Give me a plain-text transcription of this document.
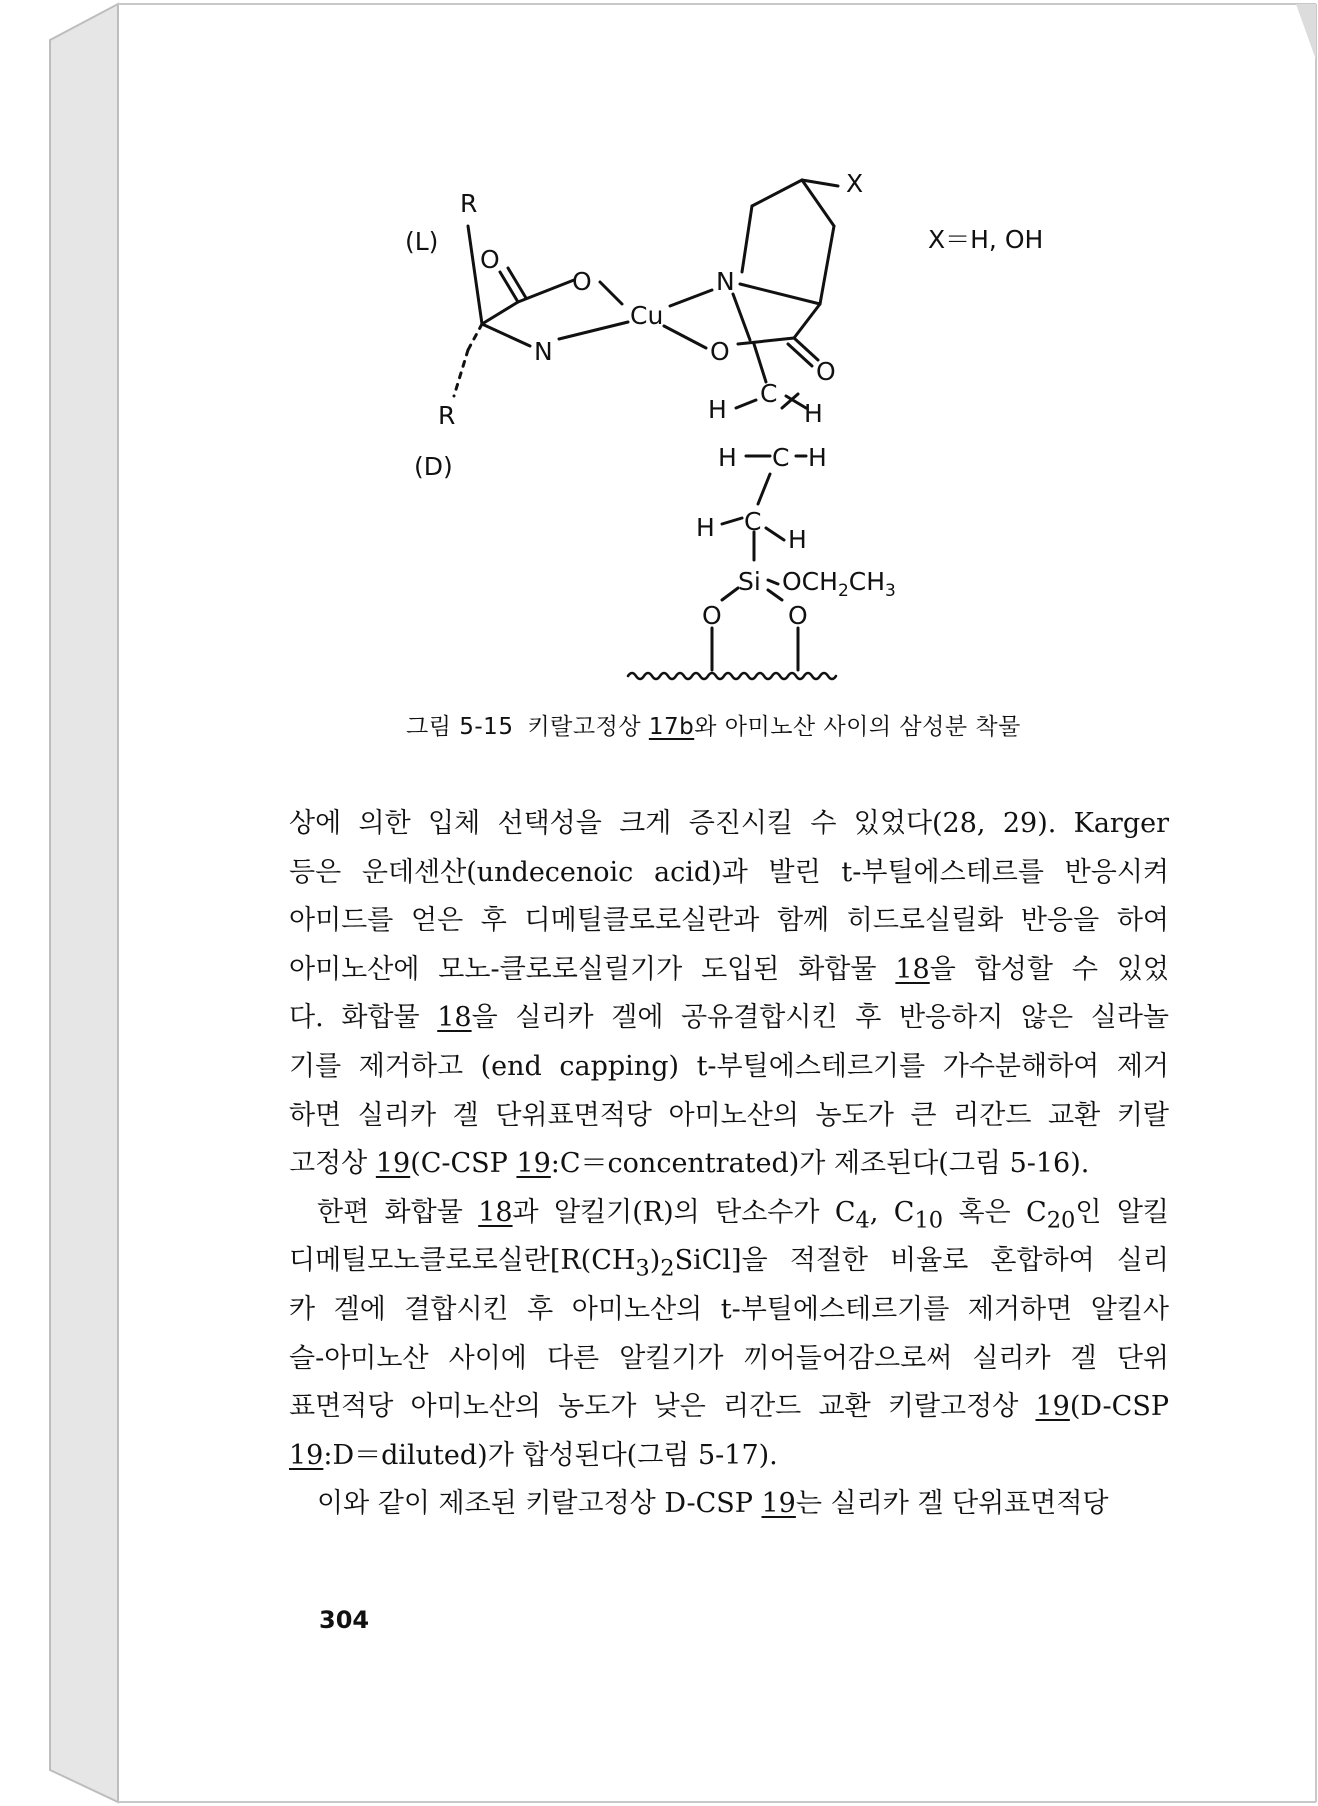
R
(L)
R
(D)
O
O
N
Cu
N
O
O
X
X＝H, OH
H
C
H
H C H
H C
H
Si $OCH_2CH_3$
O	O
그림 5-15 키랄고정상 17b와 아미노산 사이의 삼성분 착물
상에 의한 입체 선택성을 크게 증진시킬 수 있었다(28, 29). Karger
등은 운데센산(undecenoic acid)과 발린 t-부틸에스테르를 반응시켜
아미드를 얻은 후 디메틸클로로실란과 함께 히드로실릴화 반응을 하여
아미노산에 모노-클로로실릴기가 도입된 화합물 18을 합성할 수 있었
다. 화합물 18을 실리카 겔에 공유결합시킨 후 반응하지 않은 실라놀
기를 제거하고 (end capping) t-부틸에스테르기를 가수분해하여 제거
하면 실리카 겔 단위표면적당 아미노산의 농도가 큰 리간드 교환 키랄
고정상 19(C-CSP 19:C＝concentrated)가 제조된다(그림 5-16).
한편 화합물 18과 알킬기(R)의 탄소수가 $C_4$, $C_{10}$ 혹은 $C_{20}$인 알킬
디메틸모노클로로실란$[R(CH_3)_2SiCl]$을 적절한 비율로 혼합하여 실리
카 겔에 결합시킨 후 아미노산의 t-부틸에스테르기를 제거하면 알킬사
슬-아미노산 사이에 다른 알킬기가 끼어들어감으로써 실리카 겔 단위
표면적당 아미노산의 농도가 낮은 리간드 교환 키랄고정상 19(D-CSP
19:D＝diluted)가 합성된다(그림 5-17).
이와 같이 제조된 키랄고정상 D-CSP 19는 실리카 겔 단위표면적당
304
